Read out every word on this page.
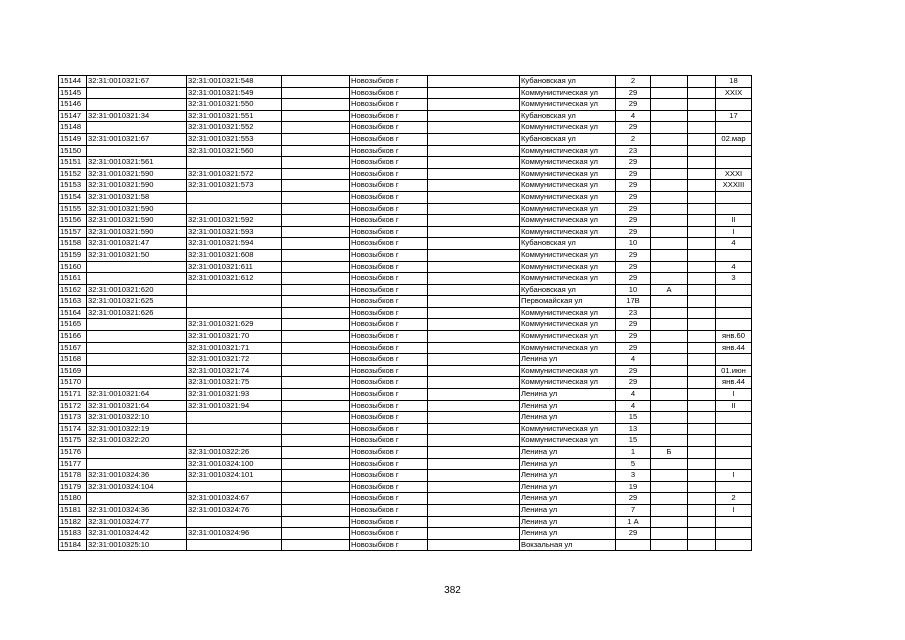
15144	32:31:0010321:67	32:31:0010321:548		Новозыбков г		Кубановская ул	2			18
15145		32:31:0010321:549		Новозыбков г		Коммунистическая ул	29			XXIX
15146		32:31:0010321:550		Новозыбков г		Коммунистическая ул	29			
15147	32:31:0010321:34	32:31:0010321:551		Новозыбков г		Кубановская ул	4			17
15148		32:31:0010321:552		Новозыбков г		Коммунистическая ул	29			
15149	32:31:0010321:67	32:31:0010321:553		Новозыбков г		Кубановская ул	2			02.мар
15150		32:31:0010321:560		Новозыбков г		Коммунистическая ул	23			
15151	32:31:0010321:561			Новозыбков г		Коммунистическая ул	29			
15152	32:31:0010321:590	32:31:0010321:572		Новозыбков г		Коммунистическая ул	29			XXXI
15153	32:31:0010321:590	32:31:0010321:573		Новозыбков г		Коммунистическая ул	29			XXXIII
15154	32:31:0010321:58			Новозыбков г		Коммунистическая ул	29			
15155	32:31:0010321:590			Новозыбков г		Коммунистическая ул	29			
15156	32:31:0010321:590	32:31:0010321:592		Новозыбков г		Коммунистическая ул	29			II
15157	32:31:0010321:590	32:31:0010321:593		Новозыбков г		Коммунистическая ул	29			I
15158	32:31:0010321:47	32:31:0010321:594		Новозыбков г		Кубановская ул	10			4
15159	32:31:0010321:50	32:31:0010321:608		Новозыбков г		Коммунистическая ул	29			
15160		32:31:0010321:611		Новозыбков г		Коммунистическая ул	29			4
15161		32:31:0010321:612		Новозыбков г		Коммунистическая ул	29			3
15162	32:31:0010321:620			Новозыбков г		Кубановская ул	10	А		
15163	32:31:0010321:625			Новозыбков г		Первомайская ул	17В			
15164	32:31:0010321:626			Новозыбков г		Коммунистическая ул	23			
15165		32:31:0010321:629		Новозыбков г		Коммунистическая ул	29			
15166		32:31:0010321:70		Новозыбков г		Коммунистическая ул	29			янв.60
15167		32:31:0010321:71		Новозыбков г		Коммунистическая ул	29			янв.44
15168		32:31:0010321:72		Новозыбков г		Ленина ул	4			
15169		32:31:0010321:74		Новозыбков г		Коммунистическая ул	29			01.июн
15170		32:31:0010321:75		Новозыбков г		Коммунистическая ул	29			янв.44
15171	32:31:0010321:64	32:31:0010321:93		Новозыбков г		Ленина ул	4			I
15172	32:31:0010321:64	32:31:0010321:94		Новозыбков г		Ленина ул	4			II
15173	32:31:0010322:10			Новозыбков г		Ленина ул	15			
15174	32:31:0010322:19			Новозыбков г		Коммунистическая ул	13			
15175	32:31:0010322:20			Новозыбков г		Коммунистическая ул	15			
15176		32:31:0010322:26		Новозыбков г		Ленина ул	1	Б		
15177		32:31:0010324:100		Новозыбков г		Ленина ул	5			
15178	32:31:0010324:36	32:31:0010324:101		Новозыбков г		Ленина ул	3			I
15179	32:31:0010324:104			Новозыбков г		Ленина ул	19			
15180		32:31:0010324:67		Новозыбков г		Ленина ул	29			2
15181	32:31:0010324:36	32:31:0010324:76		Новозыбков г		Ленина ул	7			I
15182	32:31:0010324:77			Новозыбков г		Ленина ул	1 А			
15183	32:31:0010324:42	32:31:0010324:96		Новозыбков г		Ленина ул	29			
15184	32:31:0010325:10			Новозыбков г		Вокзальная ул				
382
